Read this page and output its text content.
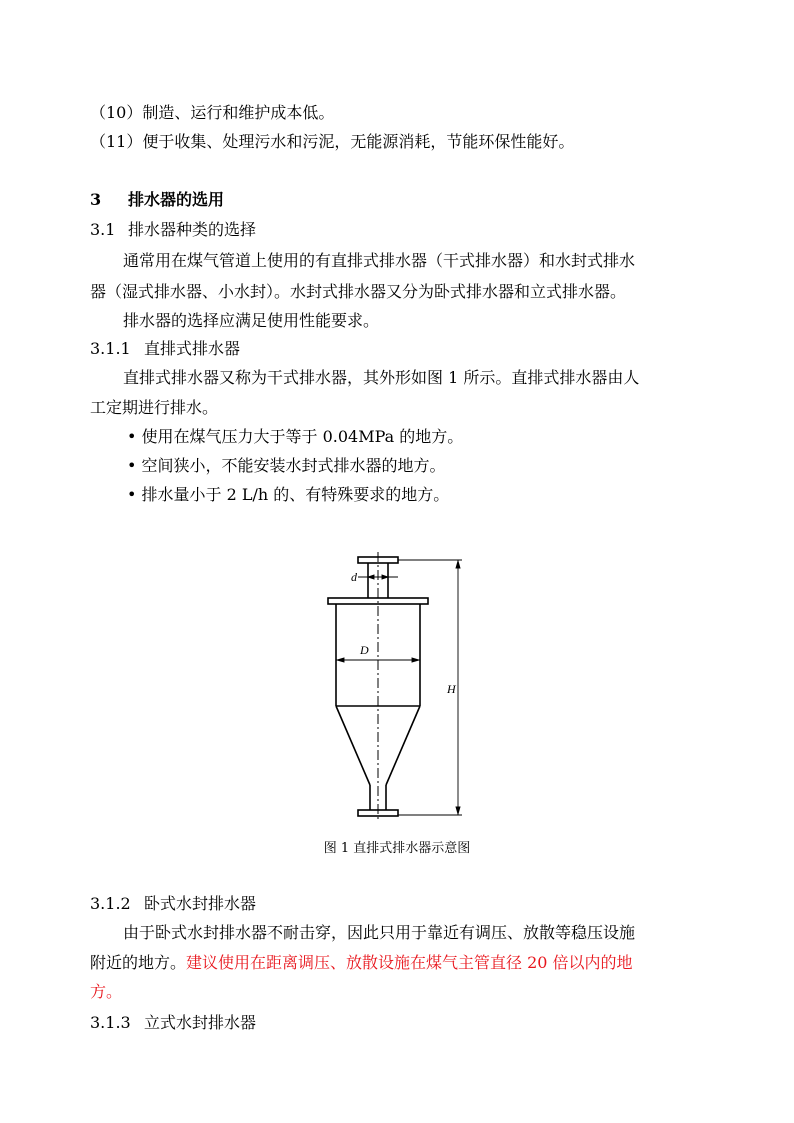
（10）制造、运行和维护成本低。
（11）便于收集、处理污水和污泥，无能源消耗，节能环保性能好。
3 排水器的选用
3.1 排水器种类的选择
通常用在煤气管道上使用的有直排式排水器（干式排水器）和水封式排水
器（湿式排水器、小水封）。水封式排水器又分为卧式排水器和立式排水器。
排水器的选择应满足使用性能要求。
3.1.1 直排式排水器
直排式排水器又称为干式排水器，其外形如图 1 所示。直排式排水器由人
工定期进行排水。
• 使用在煤气压力大于等于 0.04MPa 的地方。
• 空间狭小，不能安装水封式排水器的地方。
• 排水量小于 2 L/h 的、有特殊要求的地方。
d
D
H
图 1 直排式排水器示意图
3.1.2 卧式水封排水器
由于卧式水封排水器不耐击穿，因此只用于靠近有调压、放散等稳压设施
附近的地方。建议使用在距离调压、放散设施在煤气主管直径 20 倍以内的地
方。
3.1.3 立式水封排水器
